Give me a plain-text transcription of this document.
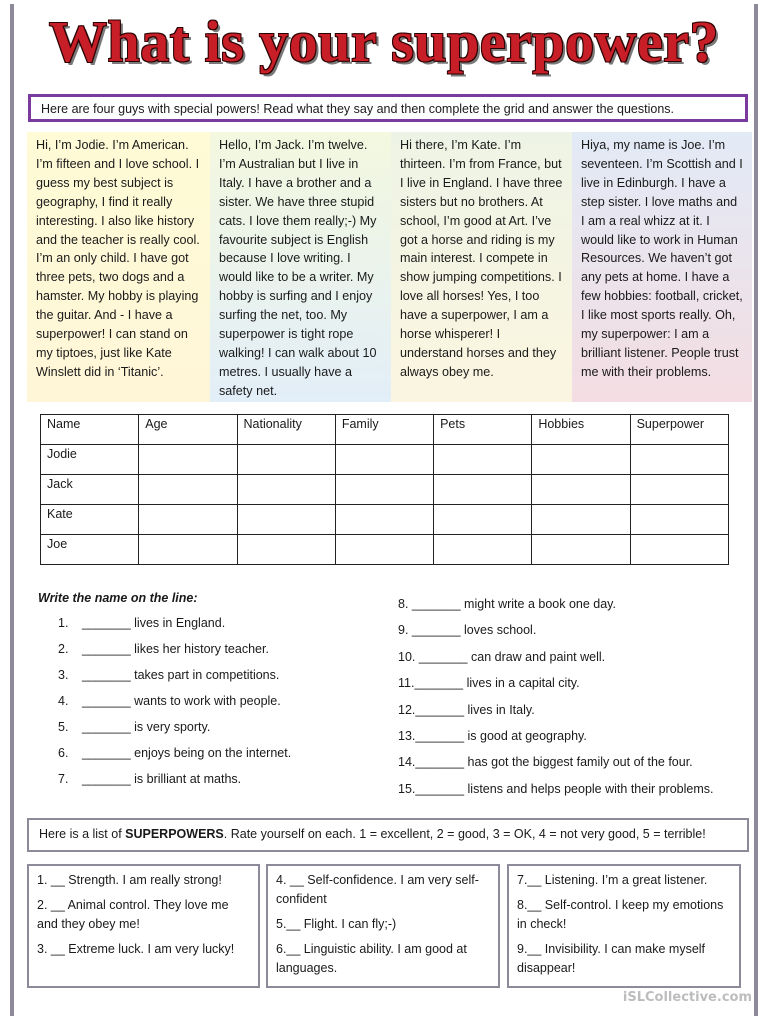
What is your superpower?
Here are four guys with special powers! Read what they say and then complete the grid and answer the questions.
Hi, I’m Jodie. I’m American. I’m fifteen and I love school. I guess my best subject is geography, I find it really interesting. I also like history and the teacher is really cool. I’m an only child. I have got three pets, two dogs and a hamster. My hobby is playing the guitar. And - I have a superpower! I can stand on my tiptoes, just like Kate Winslett did in ‘Titanic’.
Hello, I’m Jack. I’m twelve. I’m Australian but I live in Italy. I have a brother and a sister. We have three stupid cats. I love them really;-) My favourite subject is English because I love writing. I would like to be a writer. My hobby is surfing and I enjoy surfing the net, too. My superpower is tight rope walking! I can walk about 10 metres. I usually have a safety net.
Hi there, I’m Kate. I’m thirteen. I’m from France, but I live in England. I have three sisters but no brothers. At school, I’m good at Art. I’ve got a horse and riding is my main interest. I compete in show jumping competitions. I love all horses! Yes, I too have a superpower, I am a horse whisperer! I understand horses and they always obey me.
Hiya, my name is Joe. I’m seventeen. I’m Scottish and I live in Edinburgh. I have a step sister. I love maths and I am a real whizz at it. I would like to work in Human Resources. We haven’t got any pets at home. I have a few hobbies: football, cricket, I like most sports really. Oh, my superpower: I am a brilliant listener. People trust me with their problems.
Name	Age	Nationality	Family	Pets	Hobbies	Superpower
Jodie						
Jack						
Kate						
Joe						
Write the name on the line:
1. _______ lives in England.
2. _______ likes her history teacher.
3. _______ takes part in competitions.
4. _______ wants to work with people.
5. _______ is very sporty.
6. _______ enjoys being on the internet.
7. _______ is brilliant at maths.
8. _______ might write a book one day.
9. _______ loves school.
10. _______ can draw and paint well.
11._______ lives in a capital city.
12._______ lives in Italy.
13._______ is good at geography.
14._______ has got the biggest family out of the four.
15._______ listens and helps people with their problems.
Here is a list of SUPERPOWERS. Rate yourself on each. 1 = excellent, 2 = good, 3 = OK, 4 = not very good, 5 = terrible!

1. __ Strength. I am really strong!

2. __ Animal control. They love me and they obey me!

3. __ Extreme luck. I am very lucky!

4. __ Self-confidence. I am very self-confident

5.__ Flight. I can fly;-)

6.__ Linguistic ability. I am good at languages.

7.__ Listening. I’m a great listener.

8.__ Self-control. I keep my emotions in check!

9.__ Invisibility. I can make myself disappear!

iSLCollective.com
